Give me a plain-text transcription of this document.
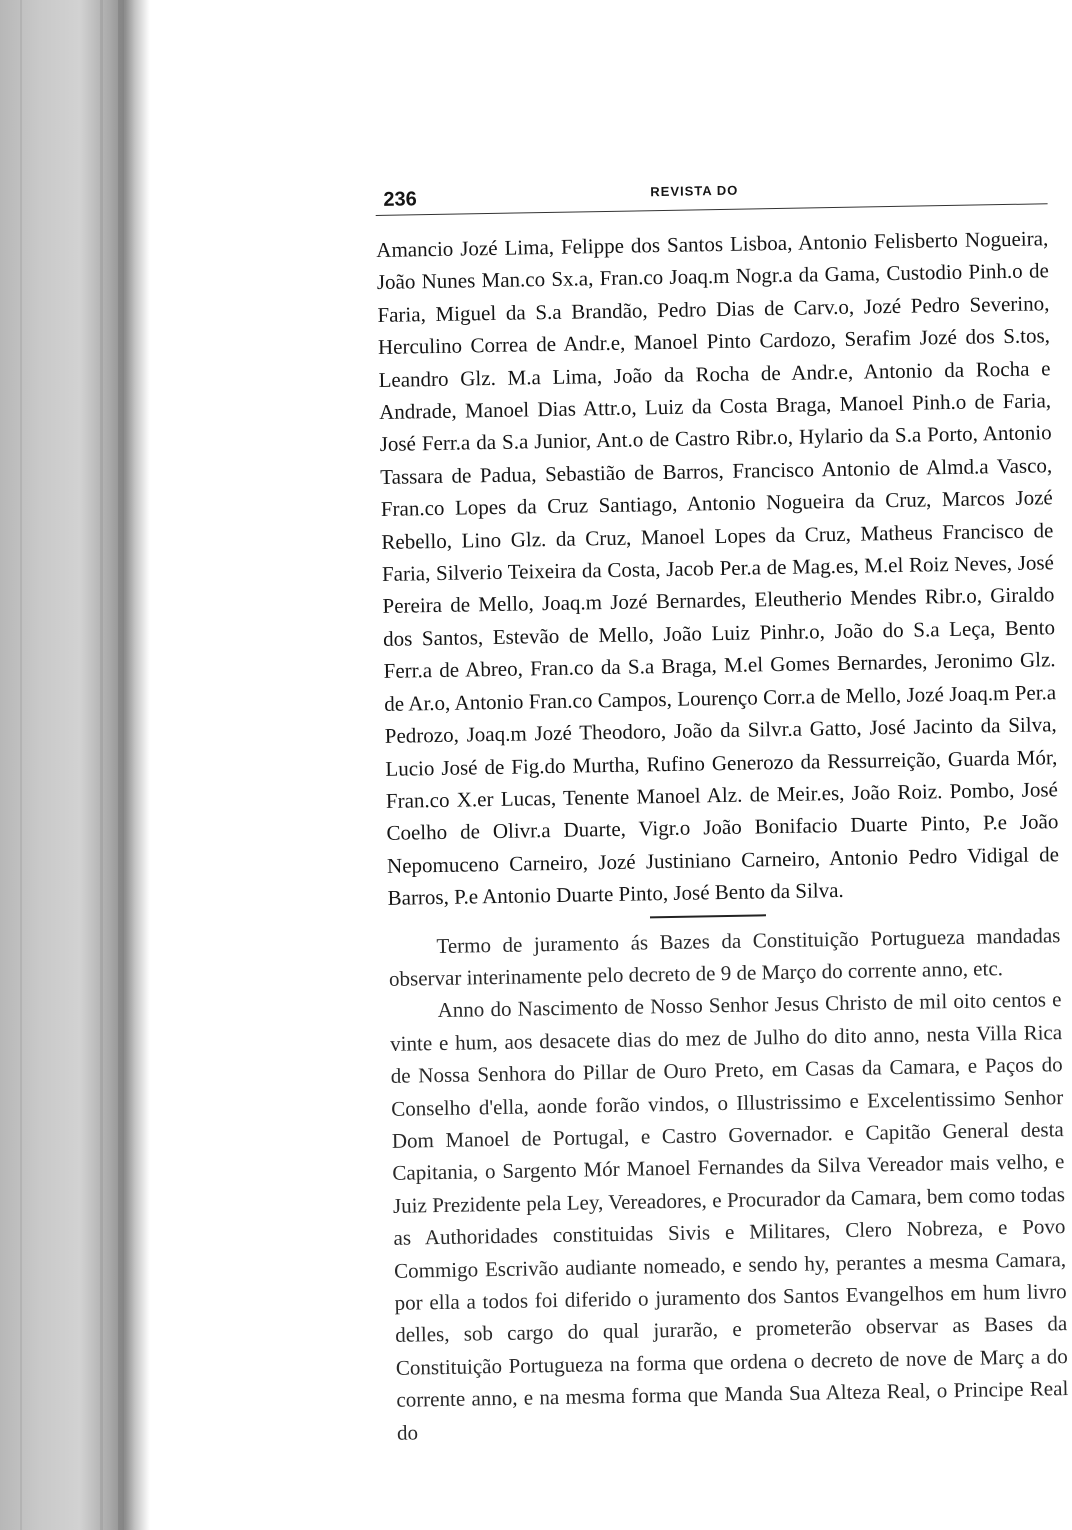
236	REVISTA DO

Amancio Jozé Lima, Felippe dos Santos Lisboa, Antonio Felisberto Nogueira, João Nunes Man.co Sx.a, Fran.co Joaq.m Nogr.a da Gama, Custodio Pinh.o de Faria, Miguel da S.a Brandão, Pedro Dias de Carv.o, Jozé Pedro Severino, Herculino Correa de Andr.e, Manoel Pinto Cardozo, Serafim Jozé dos S.tos, Leandro Glz. M.a Lima, João da Rocha de Andr.e, Antonio da Rocha e Andrade, Manoel Dias Attr.o, Luiz da Costa Braga, Manoel Pinh.o de Faria, José Ferr.a da S.a Junior, Ant.o de Castro Ribr.o, Hylario da S.a Porto, Antonio Tassara de Padua, Sebastião de Barros, Francisco Antonio de Almd.a Vasco, Fran.co Lopes da Cruz Santiago, Antonio Nogueira da Cruz, Marcos Jozé Rebello, Lino Glz. da Cruz, Manoel Lopes da Cruz, Matheus Francisco de Faria, Silverio Teixeira da Costa, Jacob Per.a de Mag.es, M.el Roiz Neves, José Pereira de Mello, Joaq.m Jozé Bernardes, Eleutherio Mendes Ribr.o, Giraldo dos Santos, Estevão de Mello, João Luiz Pinhr.o, João do S.a Leça, Bento Ferr.a de Abreo, Fran.co da S.a Braga, M.el Gomes Bernardes, Jeronimo Glz. de Ar.o, Antonio Fran.co Campos, Lourenço Corr.a de Mello, Jozé Joaq.m Per.a Pedrozo, Joaq.m Jozé Theodoro, João da Silvr.a Gatto, José Jacinto da Silva, Lucio José de Fig.do Murtha, Rufino Generozo da Ressurreição, Guarda Mór, Fran.co X.er Lucas, Tenente Manoel Alz. de Meir.es, João Roiz. Pombo, José Coelho de Olivr.a Duarte, Vigr.o João Bonifacio Duarte Pinto, P.e João Nepomuceno Carneiro, Jozé Justiniano Carneiro, Antonio Pedro Vidigal de Barros, P.e Antonio Duarte Pinto, José Bento da Silva.

Termo de juramento ás Bazes da Constituição Portugueza mandadas observar interinamente pelo decreto de 9 de Março do corrente anno, etc.

Anno do Nascimento de Nosso Senhor Jesus Christo de mil oito centos e vinte e hum, aos desacete dias do mez de Julho do dito anno, nesta Villa Rica de Nossa Senhora do Pillar de Ouro Preto, em Casas da Camara, e Paços do Conselho d'ella, aonde forão vindos, o Illustrissimo e Excelentissimo Senhor Dom Manoel de Portugal, e Castro Governador. e Capitão General desta Capitania, o Sargento Mór Manoel Fernandes da Silva Vereador mais velho, e Juiz Prezidente pela Ley, Vereadores, e Procurador da Camara, bem como todas as Authoridades constituidas Sivis e Militares, Clero Nobreza, e Povo Commigo Escrivão audiante nomeado, e sendo hy, perantes a mesma Camara, por ella a todos foi diferido o juramento dos Santos Evangelhos em hum livro delles, sob cargo do qual jurarão, e prometerão observar as Bases da Constituição Portugueza na forma que ordena o decreto de nove de Març a do corrente anno, e na mesma forma que Manda Sua Alteza Real, o Principe Real do
